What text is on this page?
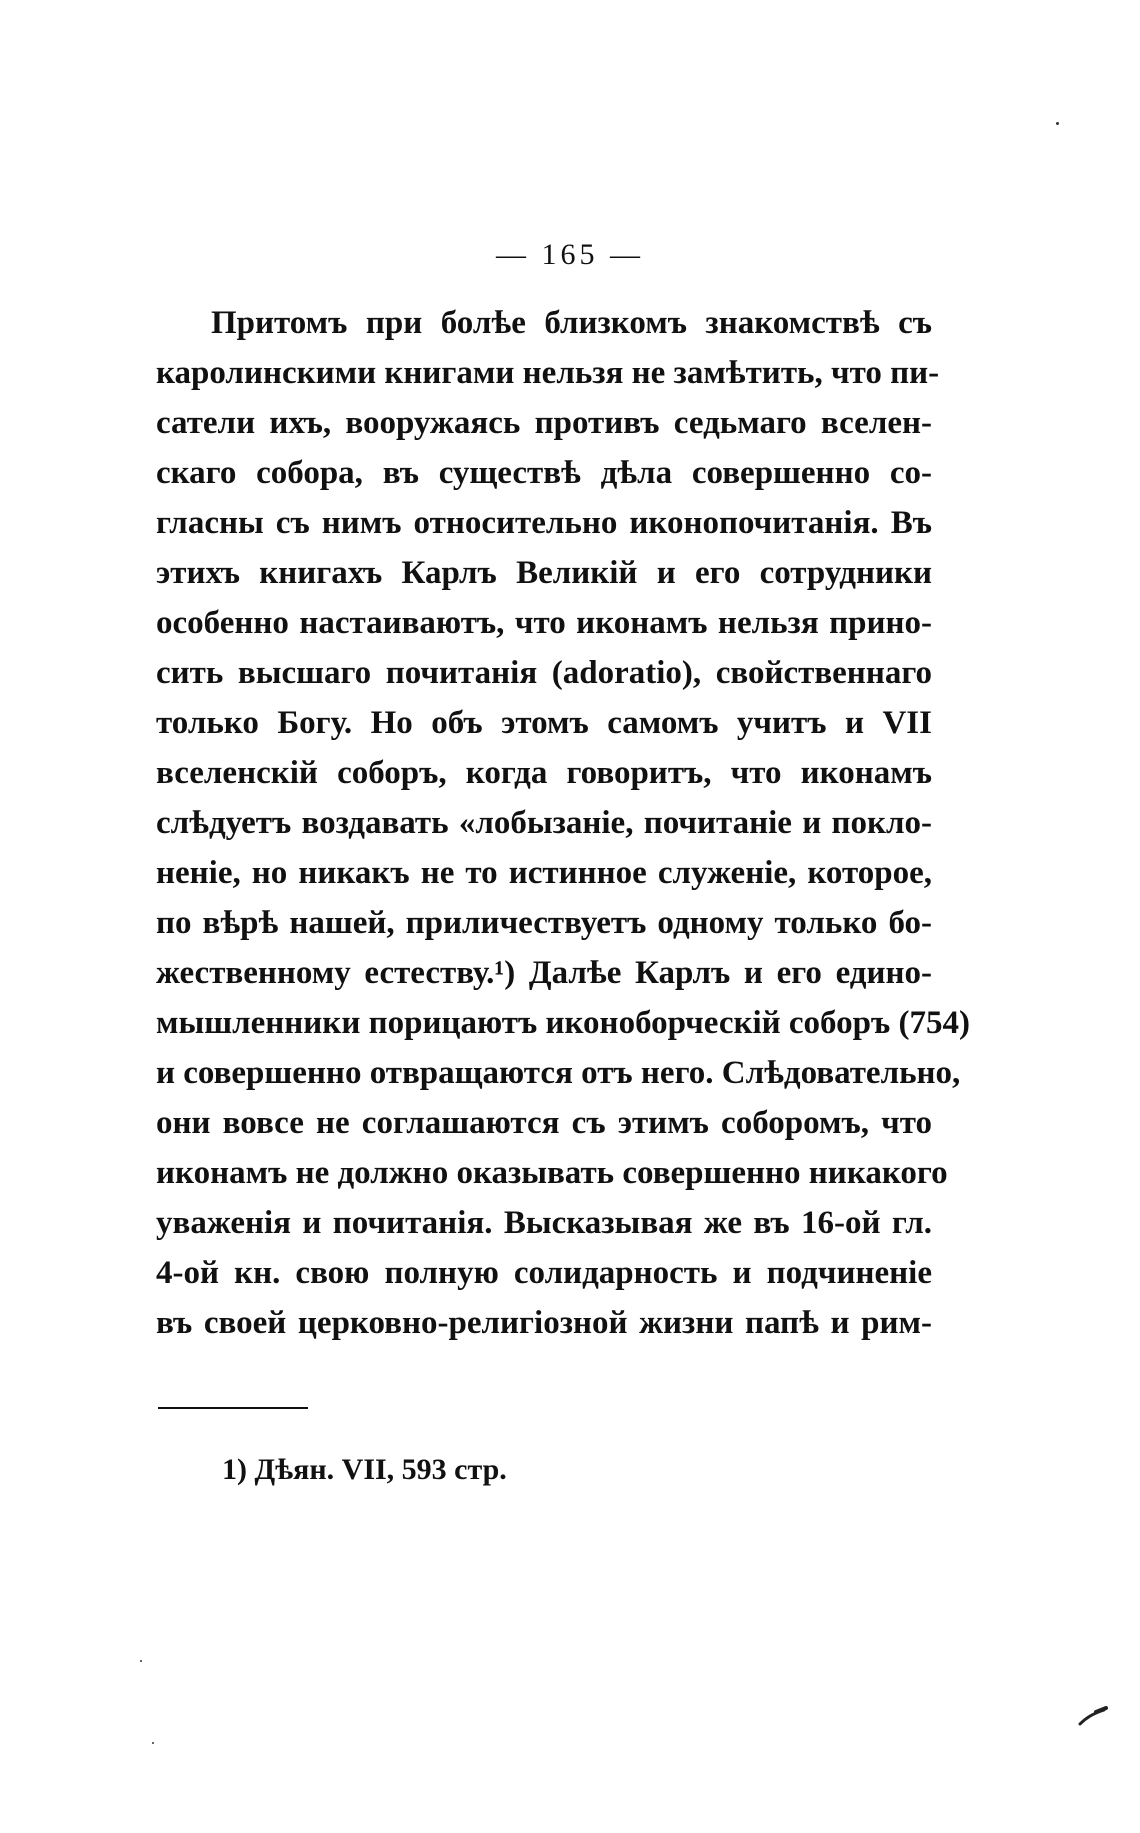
— 165 —
Притомъ при болѣе близкомъ знакомствѣ съ
каролинскими книгами нельзя не замѣтить, что пи-
сатели ихъ, вооружаясь противъ седьмаго вселен-
скаго собора, въ существѣ дѣла совершенно со-
гласны съ нимъ относительно иконопочитанія. Въ
этихъ книгахъ Карлъ Великій и его сотрудники
особенно настаиваютъ, что иконамъ нельзя прино-
сить высшаго почитанія (adoratio), свойственнаго
только Богу. Но объ этомъ самомъ учитъ и VII
вселенскій соборъ, когда говоритъ, что иконамъ
слѣдуетъ воздавать «лобызаніе, почитаніе и покло-
неніе, но никакъ не то истинное служеніе, которое,
по вѣрѣ нашей, приличествуетъ одному только бо-
жественному естеству.¹) Далѣе Карлъ и его едино-
мышленники порицаютъ иконоборческій соборъ (754)
и совершенно отвращаются отъ него. Слѣдовательно,
они вовсе не соглашаются съ этимъ соборомъ, что
иконамъ не должно оказывать совершенно никакого
уваженія и почитанія. Высказывая же въ 16-ой гл.
4-ой кн. свою полную солидарность и подчиненіе
въ своей церковно-религіозной жизни папѣ и рим-
1) Дѣян. VII, 593 стр.
